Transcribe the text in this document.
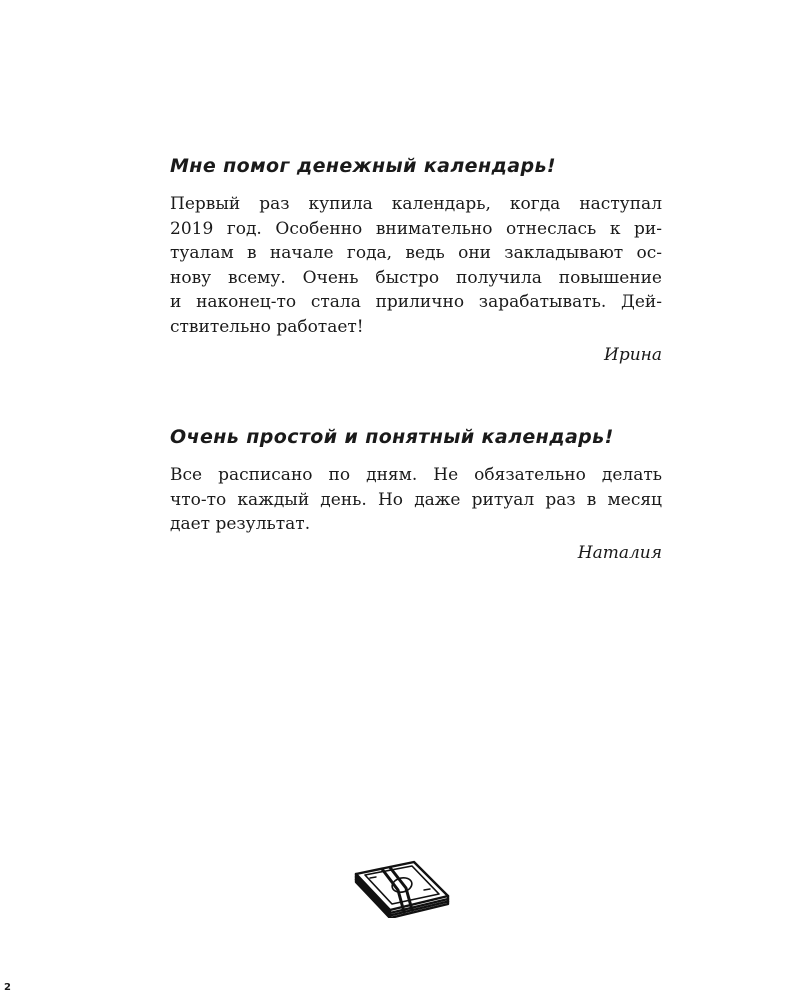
Мне помог денежный календарь!

Первый раз купила календарь, когда наступал
2019 год. Особенно внимательно отнеслась к ри-
туалам в начале года, ведь они закладывают ос-
нову всему. Очень быстро получила повышение
и наконец-то стала прилично зарабатывать. Дей-
ствительно работает!

Ирина

Очень простой и понятный календарь!

Все расписано по дням. Не обязательно делать
что-то каждый день. Но даже ритуал раз в месяц
дает результат.

Наталия

2
